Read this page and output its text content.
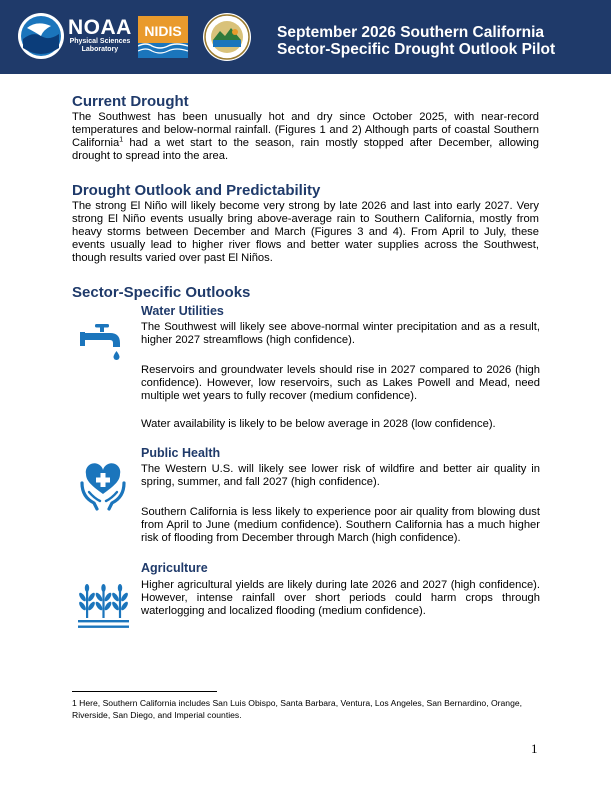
NOAA
Physical Sciences
Laboratory
NIDIS	September 2026 Southern California
Sector-Specific Drought Outlook Pilot
Current Drought

The Southwest has been unusually hot and dry since October 2025, with near-record temperatures and below-normal rainfall. (Figures 1 and 2) Although parts of coastal Southern California$^1$ had a wet start to the season, rain mostly stopped after December, allowing drought to spread into the area.

Drought Outlook and Predictability

The strong El Niño will likely become very strong by late 2026 and last into early 2027. Very strong El Niño events usually bring above-average rain to Southern California, mostly from heavy storms between December and March (Figures 3 and 4). From April to July, these events usually lead to higher river flows and better water supplies across the Southwest, though results varied over past El Niños.

Sector-Specific Outlooks
Water Utilities

The Southwest will likely see above-normal winter precipitation and as a result, higher 2027 streamflows (high confidence).

Reservoirs and groundwater levels should rise in 2027 compared to 2026 (high confidence). However, low reservoirs, such as Lakes Powell and Mead, need multiple wet years to fully recover (medium confidence).

Water availability is likely to be below average in 2028 (low confidence).

Public Health

The Western U.S. will likely see lower risk of wildfire and better air quality in spring, summer, and fall 2027 (high confidence).

Southern California is less likely to experience poor air quality from blowing dust from April to June (medium confidence). Southern California has a much higher risk of flooding from December through March (high confidence).

Agriculture

Higher agricultural yields are likely during late 2026 and 2027 (high confidence). However, intense rainfall over short periods could harm crops through waterlogging and localized flooding (medium confidence).

1 Here, Southern California includes San Luis Obispo, Santa Barbara, Ventura, Los Angeles, San Bernardino, Orange, Riverside, San Diego, and Imperial counties.

1
